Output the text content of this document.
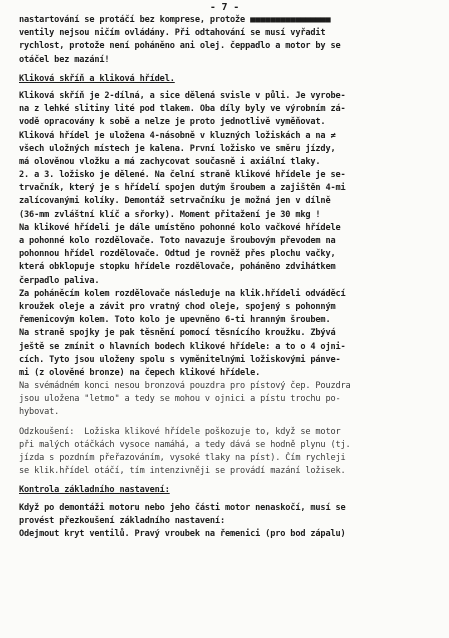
- 7 -
nastartování se protáčí bez komprese, protože ■■■■■■■■■■■■■■■■
ventily nejsou ničím ovládány. Při odtahování se musí vyřadit
rychlost, protože není poháněno ani olej. čeppadlo a motor by se
otáčel bez mazání!
Kliková skříň a kliková hřídel.
Kliková skříň je 2-dílná, a sice dělená svisle v půli. Je vyrobe-
na z lehké slitiny lité pod tlakem. Oba díly byly ve výrobním zá-
vodě opracovány k sobě a nelze je proto jednotlivě vyměňovat.
Kliková hřídel je uložena 4-násobně v kluzných ložiskách a na ≠
všech uložných místech je kalena. První ložisko ve směru jízdy,
má olověnou vložku a má zachycovat současně i axiální tlaky.
2. a 3. ložisko je dělené. Na čelní straně klikové hřídele je se-
trvačník, který je s hřídelí spojen dutým šroubem a zajištěn 4-mi
zalícovanými kolíky. Demontáž setrvačníku je možná jen v dílně
(36-mm zvláštní klíč a sřorky). Moment přitažení je 30 mkg !
Na klikové hřídeli je dále umístěno pohonné kolo vačkové hřídele
a pohonné kolo rozdělovače. Toto navazuje šroubovým převodem na
pohonnou hřídel rozdělovače. Odtud je rovněž přes plochu vačky,
která obklopuje stopku hřídele rozdělovače, poháněno zdvihátkem
čerpadlo paliva.
Za poháněcím kolem rozdělovače následuje na klik.hřídeli odváděcí
kroužek oleje a závit pro vratný chod oleje, spojený s pohonným
řemenicovým kolem. Toto kolo je upevněno 6-ti hranným šroubem.
Na straně spojky je pak těsnění pomocí těsnícího kroužku. Zbývá
ještě se zmínit o hlavních bodech klikové hřídele: a to o 4 ojni-
cích. Tyto jsou uloženy spolu s vyměnitelnými ložiskovými pánve-
mi (z olověné bronze) na čepech klikové hřídele.
Na svémádném konci nesou bronzová pouzdra pro pístový čep. Pouzdra
jsou uložena "letmo" a tedy se mohou v ojnici a pístu trochu po-
hybovat.
Odzkoušení:  Ložiska klikové hřídele poškozuje to, když se motor
při malých otáčkách vysoce namáhá, a tedy dává se hodně plynu (tj.
jízda s pozdním přeřazováním, vysoké tlaky na píst). Čím rychleji
se klik.hřídel otáčí, tím intenzivněji se provádí mazání ložisek.
Kontrola základního nastavení:
Když po demontáži motoru nebo jeho části motor nenaskočí, musí se
provést přezkoušení základního nastavení:
Odejmout kryt ventilů. Pravý vroubek na řemenici (pro bod zápalu)
